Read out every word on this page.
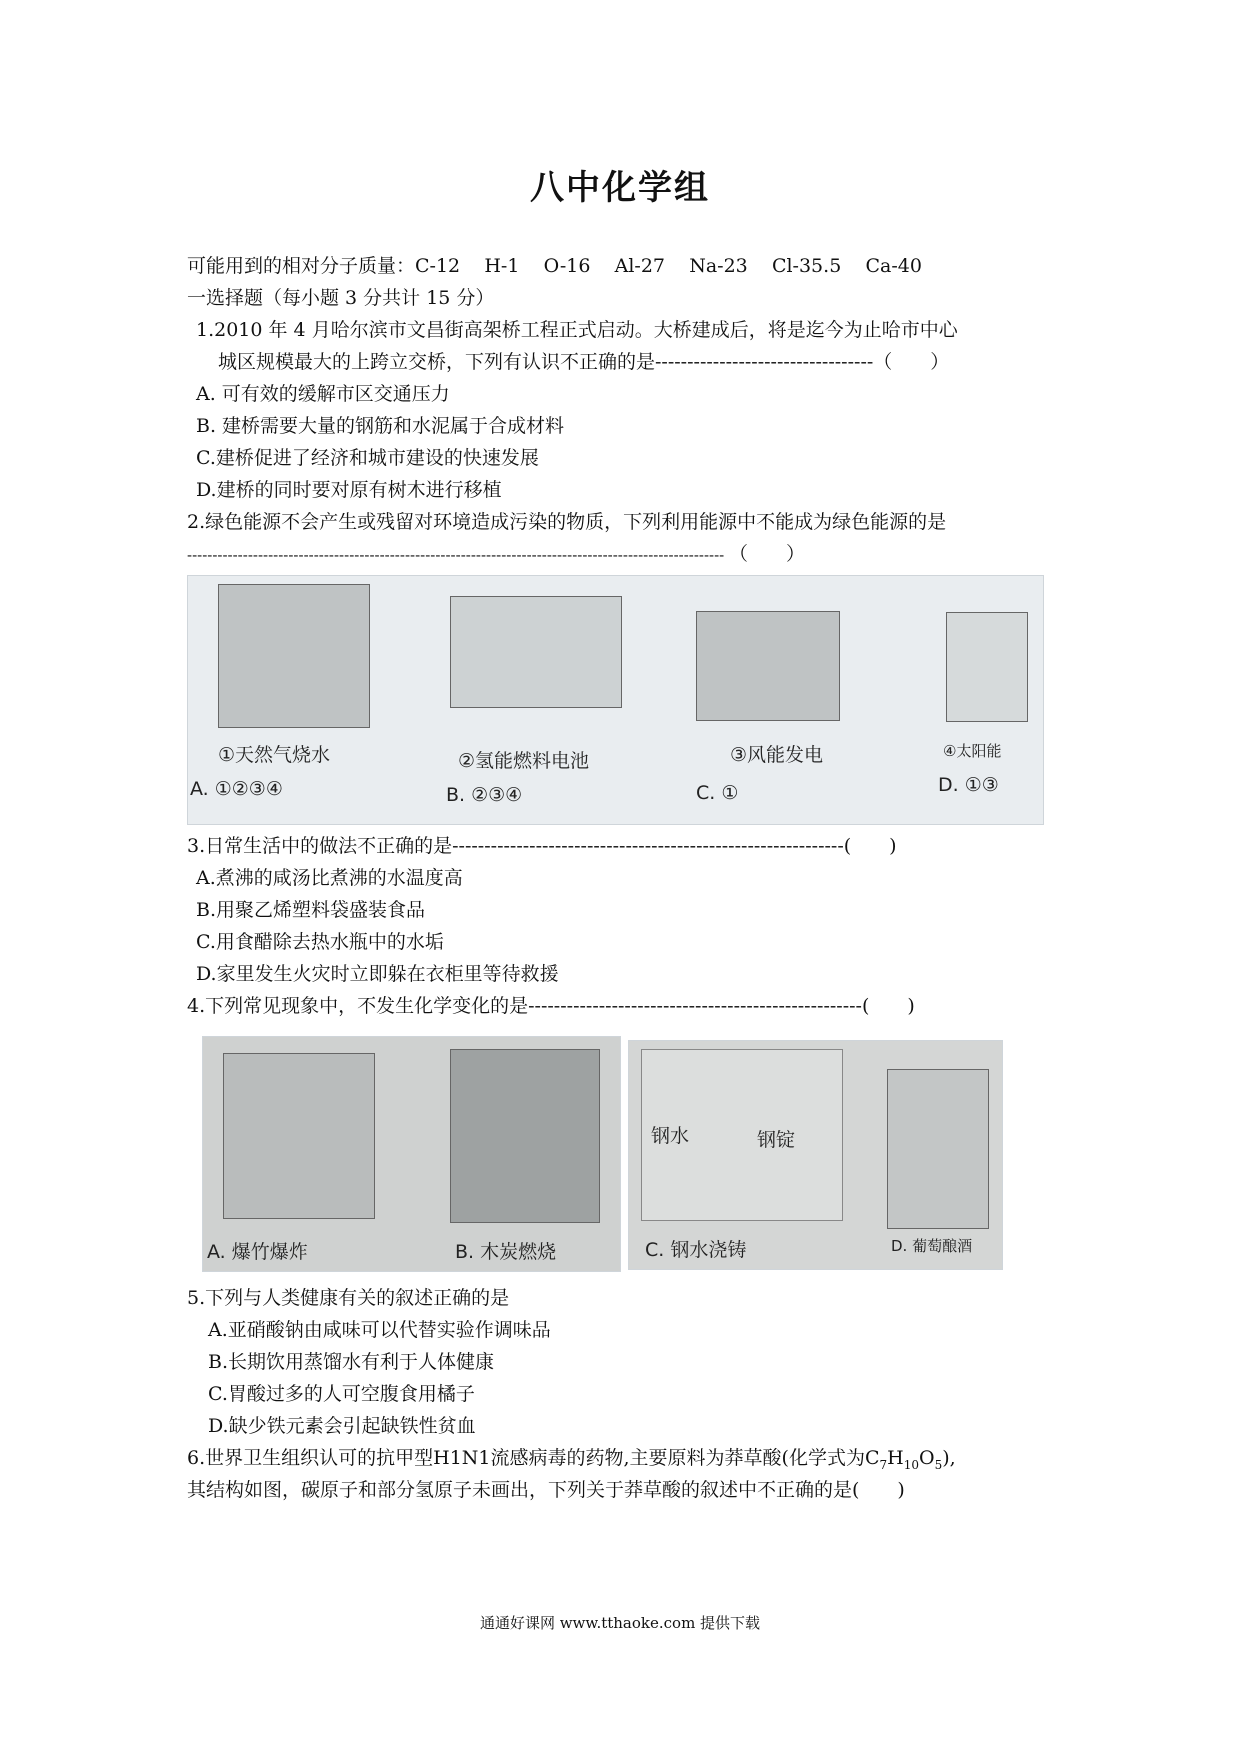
八中化学组
可能用到的相对分子质量：C-12 H-1 O-16 Al-27 Na-23 Cl-35.5 Ca-40
一选择题（每小题 3 分共计 15 分）
1.2010 年 4 月哈尔滨市文昌街高架桥工程正式启动。大桥建成后，将是迄今为止哈市中心
城区规模最大的上跨立交桥，下列有认识不正确的是----------------------------------（　　）
A. 可有效的缓解市区交通压力
B. 建桥需要大量的钢筋和水泥属于合成材料
C.建桥促进了经济和城市建设的快速发展
D.建桥的同时要对原有树木进行移植
2.绿色能源不会产生或残留对环境造成污染的物质，下列利用能源中不能成为绿色能源的是
---------------------------------------------------------------------------------------------------------- （　　）
①天然气烧水	②氢能燃料电池	③风能发电	④太阳能
A. ①②③④	B. ②③④	C. ①	D. ①③
3.日常生活中的做法不正确的是-------------------------------------------------------------(　　)
A.煮沸的咸汤比煮沸的水温度高
B.用聚乙烯塑料袋盛装食品
C.用食醋除去热水瓶中的水垢
D.家里发生火灾时立即躲在衣柜里等待救援
4.下列常见现象中，不发生化学变化的是----------------------------------------------------(　　)
A. 爆竹爆炸	B. 木炭燃烧
钢水	钢锭
C. 钢水浇铸	D. 葡萄酿酒
5.下列与人类健康有关的叙述正确的是
A.亚硝酸钠由咸味可以代替实验作调味品
B.长期饮用蒸馏水有利于人体健康
C.胃酸过多的人可空腹食用橘子
D.缺少铁元素会引起缺铁性贫血
6.世界卫生组织认可的抗甲型H1N1流感病毒的药物,主要原料为莽草酸(化学式为$C_7H_{10}O_5$),
其结构如图，碳原子和部分氢原子未画出，下列关于莽草酸的叙述中不正确的是(　　)
通通好课网 www.tthaoke.com 提供下载
